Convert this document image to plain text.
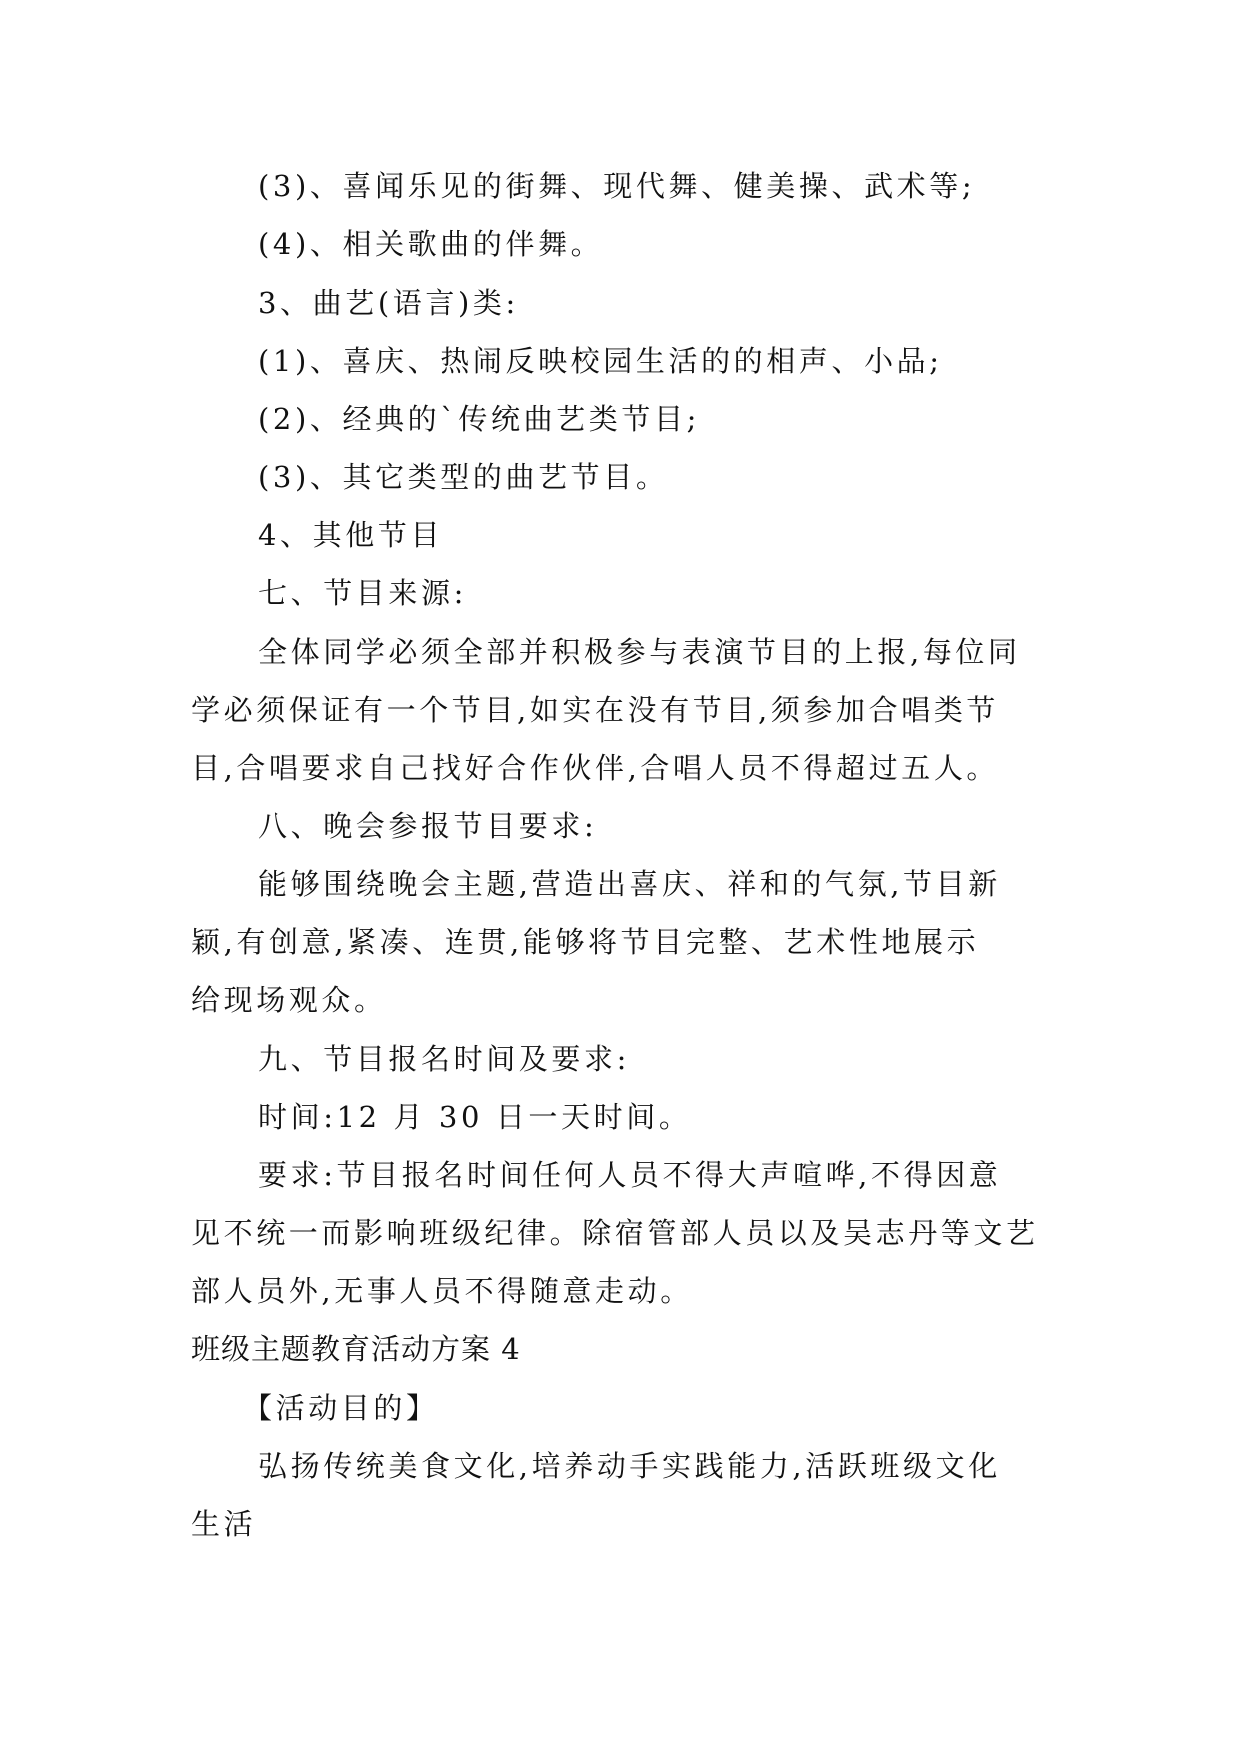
(3)、喜闻乐见的街舞、现代舞、健美操、武术等;
(4)、相关歌曲的伴舞。
3、曲艺(语言)类:
(1)、喜庆、热闹反映校园生活的的相声、小品;
(2)、经典的`传统曲艺类节目;
(3)、其它类型的曲艺节目。
4、其他节目
七、节目来源:
全体同学必须全部并积极参与表演节目的上报,每位同
学必须保证有一个节目,如实在没有节目,须参加合唱类节
目,合唱要求自己找好合作伙伴,合唱人员不得超过五人。
八、晚会参报节目要求:
能够围绕晚会主题,营造出喜庆、祥和的气氛,节目新
颖,有创意,紧凑、连贯,能够将节目完整、艺术性地展示
给现场观众。
九、节目报名时间及要求:
时间:12 月 30 日一天时间。
要求:节目报名时间任何人员不得大声喧哗,不得因意
见不统一而影响班级纪律。除宿管部人员以及吴志丹等文艺
部人员外,无事人员不得随意走动。
班级主题教育活动方案 4
【活动目的】
弘扬传统美食文化,培养动手实践能力,活跃班级文化
生活
